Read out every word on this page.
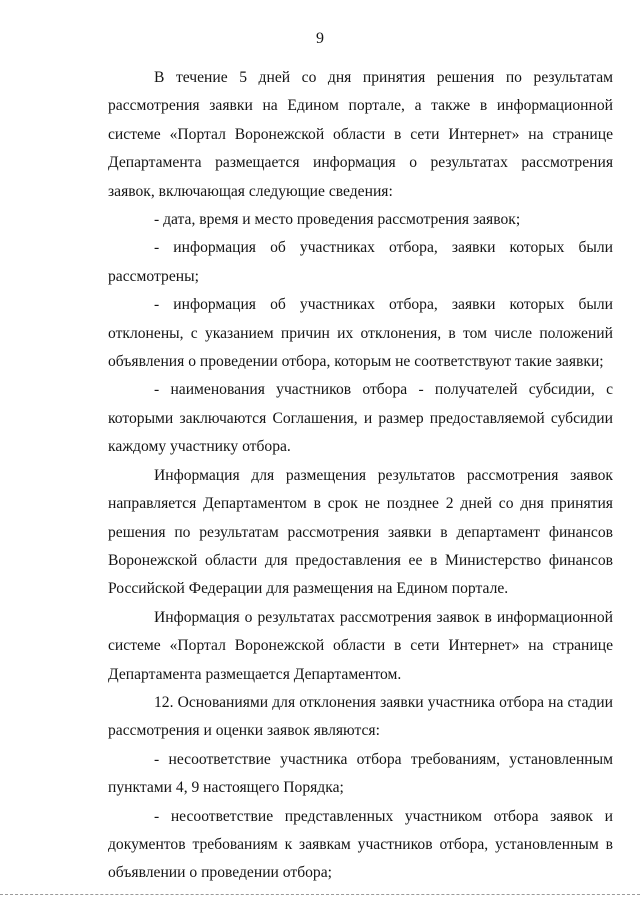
9

В течение 5 дней со дня принятия решения по результатам рассмотрения заявки на Едином портале, а также в информационной системе «Портал Воронежской области в сети Интернет» на странице Департамента размещается информация о результатах рассмотрения заявок, включающая следующие сведения:

- дата, время и место проведения рассмотрения заявок;

- информация об участниках отбора, заявки которых были рассмотрены;

- информация об участниках отбора, заявки которых были отклонены, с указанием причин их отклонения, в том числе положений объявления о проведении отбора, которым не соответствуют такие заявки;

- наименования участников отбора - получателей субсидии, с которыми заключаются Соглашения, и размер предоставляемой субсидии каждому участнику отбора.

Информация для размещения результатов рассмотрения заявок направляется Департаментом в срок не позднее 2 дней со дня принятия решения по результатам рассмотрения заявки в департамент финансов Воронежской области для предоставления ее в Министерство финансов Российской Федерации для размещения на Едином портале.

Информация о результатах рассмотрения заявок в информационной системе «Портал Воронежской области в сети Интернет» на странице Департамента размещается Департаментом.

12. Основаниями для отклонения заявки участника отбора на стадии рассмотрения и оценки заявок являются:

- несоответствие участника отбора требованиям, установленным пунктами 4, 9 настоящего Порядка;

- несоответствие представленных участником отбора заявок и документов требованиям к заявкам участников отбора, установленным в объявлении о проведении отбора;
